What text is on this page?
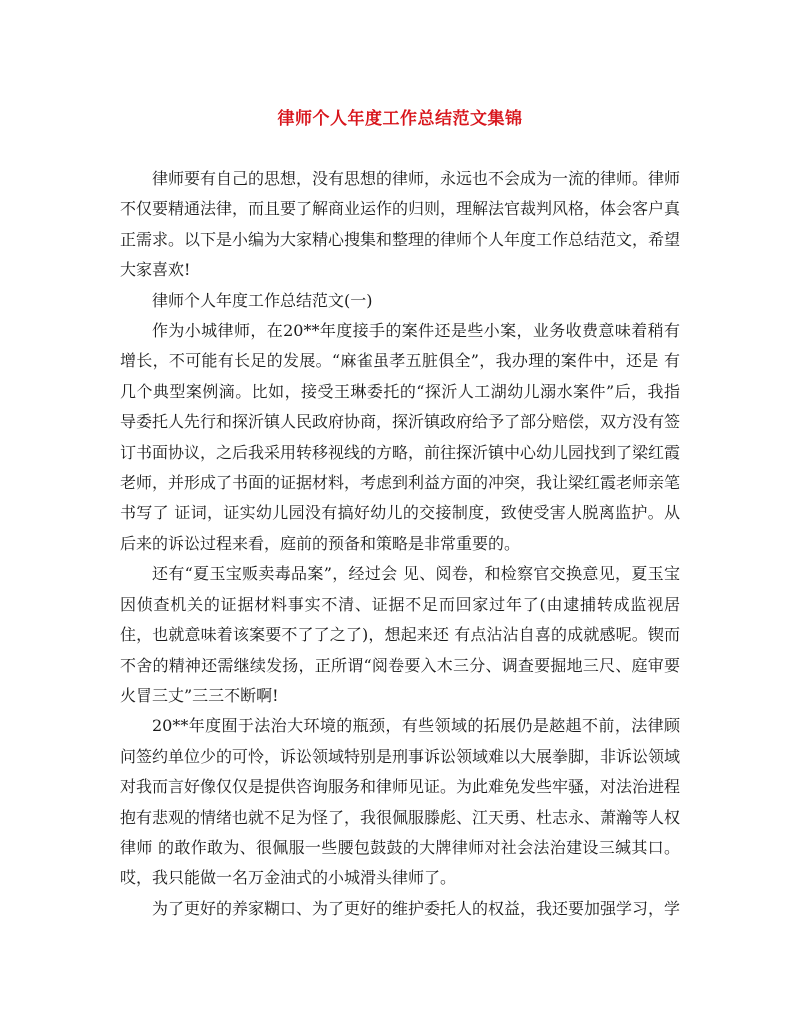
律师个人年度工作总结范文集锦

律师要有自己的思想，没有思想的律师，永远也不会成为一流的律师。律师不仅要精通法律，而且要了解商业运作的归则，理解法官裁判风格，体会客户真正需求。以下是小编为大家精心搜集和整理的律师个人年度工作总结范文，希望大家喜欢!

律师个人年度工作总结范文(一)

作为小城律师，在20**年度接手的案件还是些小案，业务收费意味着稍有增长，不可能有长足的发展。“麻雀虽孝五脏俱全”，我办理的案件中，还是 有几个典型案例滴。比如，接受王琳委托的“探沂人工湖幼儿溺水案件”后，我指导委托人先行和探沂镇人民政府协商，探沂镇政府给予了部分赔偿，双方没有签订书面协议，之后我采用转移视线的方略，前往探沂镇中心幼儿园找到了梁红霞老师，并形成了书面的证据材料，考虑到利益方面的冲突，我让梁红霞老师亲笔书写了 证词，证实幼儿园没有搞好幼儿的交接制度，致使受害人脱离监护。从后来的诉讼过程来看，庭前的预备和策略是非常重要的。

还有“夏玉宝贩卖毒品案”，经过会 见、阅卷，和检察官交换意见，夏玉宝因侦查机关的证据材料事实不清、证据不足而回家过年了(由逮捕转成监视居住，也就意味着该案要不了了之了)，想起来还 有点沾沾自喜的成就感呢。锲而不舍的精神还需继续发扬，正所谓“阅卷要入木三分、调查要掘地三尺、庭审要火冒三丈”三三不断啊!

20**年度囿于法治大环境的瓶颈，有些领域的拓展仍是趑趄不前，法律顾问签约单位少的可怜，诉讼领域特别是刑事诉讼领域难以大展拳脚，非诉讼领域 对我而言好像仅仅是提供咨询服务和律师见证。为此难免发些牢骚，对法治进程抱有悲观的情绪也就不足为怪了，我很佩服滕彪、江天勇、杜志永、萧瀚等人权律师 的敢作敢为、很佩服一些腰包鼓鼓的大牌律师对社会法治建设三缄其口。哎，我只能做一名万金油式的小城滑头律师了。

为了更好的养家糊口、为了更好的维护委托人的权益，我还要加强学习，学
